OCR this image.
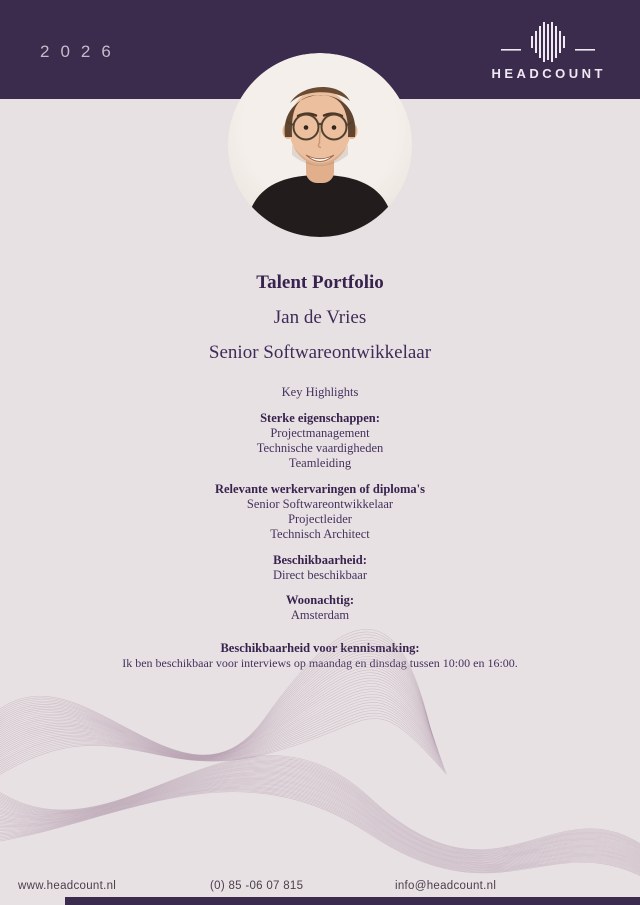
2026
HEADCOUNT
Talent Portfolio
Jan de Vries
Senior Softwareontwikkelaar
Key Highlights
Sterke eigenschappen:
Projectmanagement
Technische vaardigheden
Teamleiding
Relevante werkervaringen of diploma's
Senior Softwareontwikkelaar
Projectleider
Technisch Architect
Beschikbaarheid:
Direct beschikbaar
Woonachtig:
Amsterdam
Beschikbaarheid voor kennismaking:
Ik ben beschikbaar voor interviews op maandag en dinsdag tussen 10:00 en 16:00.
www.headcount.nl	(0) 85 -06 07 815	info@headcount.nl
